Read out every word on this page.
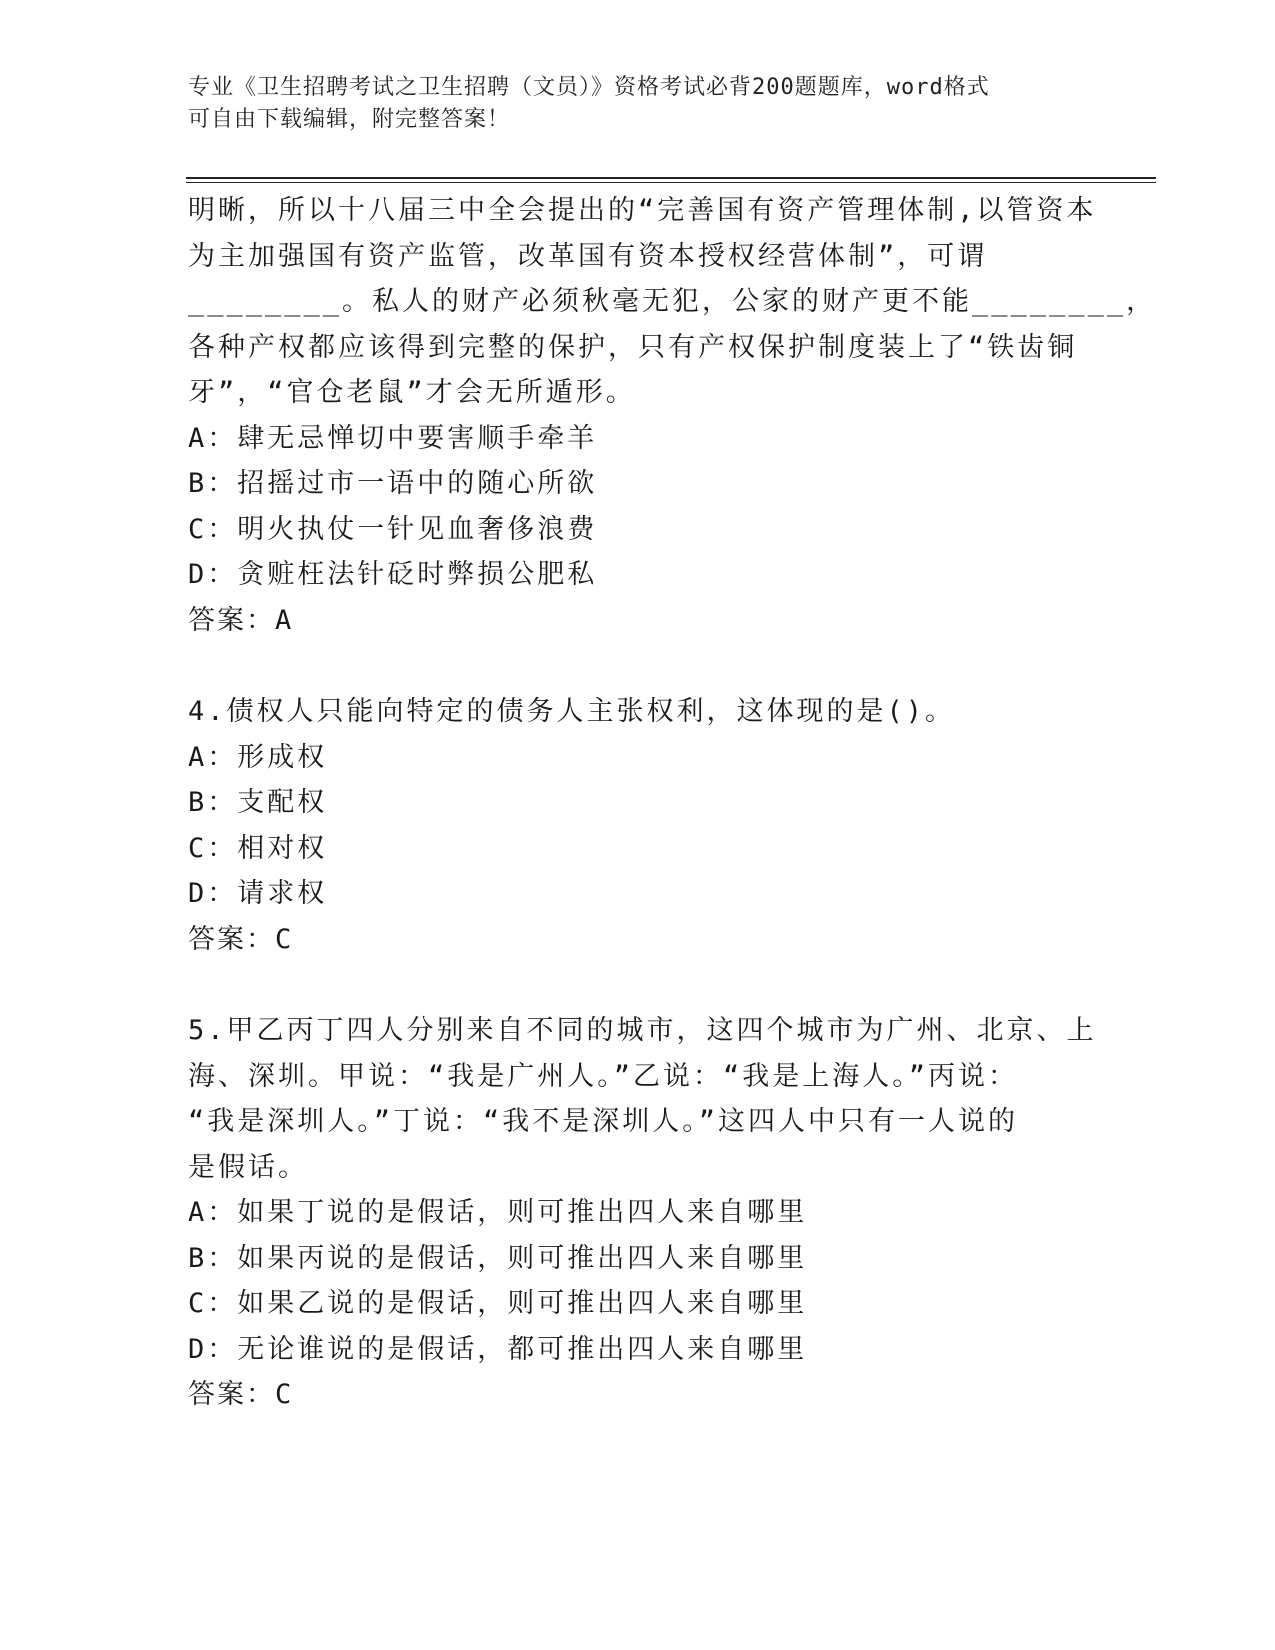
专业《卫生招聘考试之卫生招聘（文员）》资格考试必背200题题库，word格式
可自由下载编辑，附完整答案！
明晰，所以十八届三中全会提出的“完善国有资产管理体制,以管资本
为主加强国有资产监管，改革国有资本授权经营体制”，可谓
________。私人的财产必须秋毫无犯，公家的财产更不能________，
各种产权都应该得到完整的保护，只有产权保护制度装上了“铁齿铜
牙”，“官仓老鼠”才会无所遁形。
A：肆无忌惮切中要害顺手牵羊
B：招摇过市一语中的随心所欲
C：明火执仗一针见血奢侈浪费
D：贪赃枉法针砭时弊损公肥私
答案：A
4.债权人只能向特定的债务人主张权利，这体现的是()。
A：形成权
B：支配权
C：相对权
D：请求权
答案：C
5.甲乙丙丁四人分别来自不同的城市，这四个城市为广州、北京、上
海、深圳。甲说：“我是广州人。”乙说：“我是上海人。”丙说：
“我是深圳人。”丁说：“我不是深圳人。”这四人中只有一人说的
是假话。
A：如果丁说的是假话，则可推出四人来自哪里
B：如果丙说的是假话，则可推出四人来自哪里
C：如果乙说的是假话，则可推出四人来自哪里
D：无论谁说的是假话，都可推出四人来自哪里
答案：C
